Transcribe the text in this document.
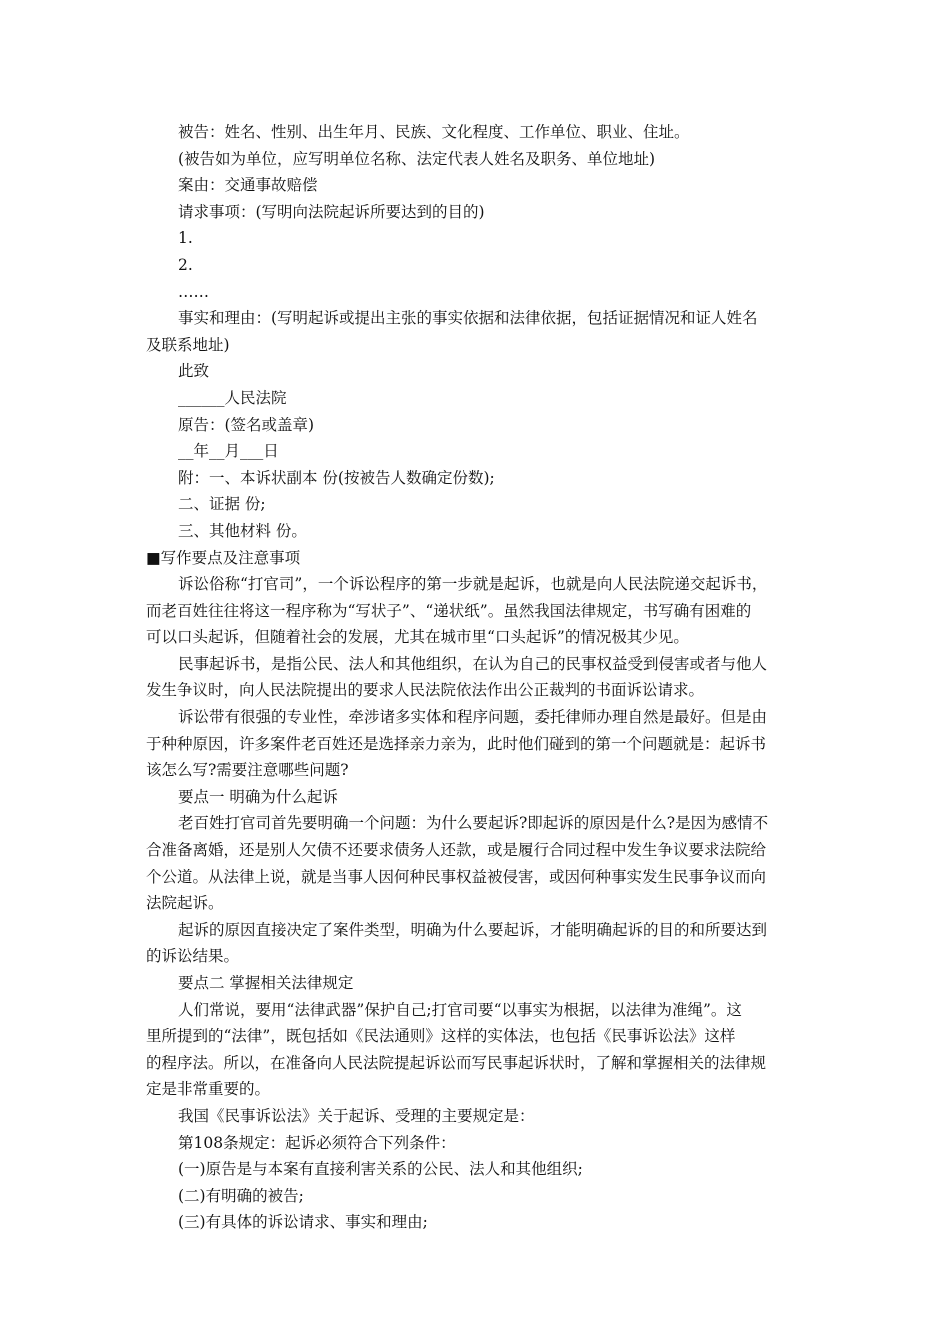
被告：姓名、性别、出生年月、民族、文化程度、工作单位、职业、住址。
(被告如为单位，应写明单位名称、法定代表人姓名及职务、单位地址)
案由：交通事故赔偿
请求事项：(写明向法院起诉所要达到的目的)
1.
2.
……
事实和理由：(写明起诉或提出主张的事实依据和法律依据，包括证据情况和证人姓名
及联系地址)
此致
______人民法院
原告：(签名或盖章)
__年__月___日
附：一、本诉状副本 份(按被告人数确定份数);
二、证据 份;
三、其他材料 份。
■写作要点及注意事项
诉讼俗称“打官司”，一个诉讼程序的第一步就是起诉，也就是向人民法院递交起诉书，
而老百姓往往将这一程序称为“写状子”、“递状纸”。虽然我国法律规定，书写确有困难的
可以口头起诉，但随着社会的发展，尤其在城市里“口头起诉”的情况极其少见。
民事起诉书，是指公民、法人和其他组织，在认为自己的民事权益受到侵害或者与他人
发生争议时，向人民法院提出的要求人民法院依法作出公正裁判的书面诉讼请求。
诉讼带有很强的专业性，牵涉诸多实体和程序问题，委托律师办理自然是最好。但是由
于种种原因，许多案件老百姓还是选择亲力亲为，此时他们碰到的第一个问题就是：起诉书
该怎么写?需要注意哪些问题?
要点一 明确为什么起诉
老百姓打官司首先要明确一个问题：为什么要起诉?即起诉的原因是什么?是因为感情不
合准备离婚，还是别人欠债不还要求债务人还款，或是履行合同过程中发生争议要求法院给
个公道。从法律上说，就是当事人因何种民事权益被侵害，或因何种事实发生民事争议而向
法院起诉。
起诉的原因直接决定了案件类型，明确为什么要起诉，才能明确起诉的目的和所要达到
的诉讼结果。
要点二 掌握相关法律规定
人们常说，要用“法律武器”保护自己;打官司要“以事实为根据，以法律为准绳”。这
里所提到的“法律”，既包括如《民法通则》这样的实体法，也包括《民事诉讼法》这样
的程序法。所以，在准备向人民法院提起诉讼而写民事起诉状时，了解和掌握相关的法律规
定是非常重要的。
我国《民事诉讼法》关于起诉、受理的主要规定是：
第108条规定：起诉必须符合下列条件：
(一)原告是与本案有直接利害关系的公民、法人和其他组织;
(二)有明确的被告;
(三)有具体的诉讼请求、事实和理由;
